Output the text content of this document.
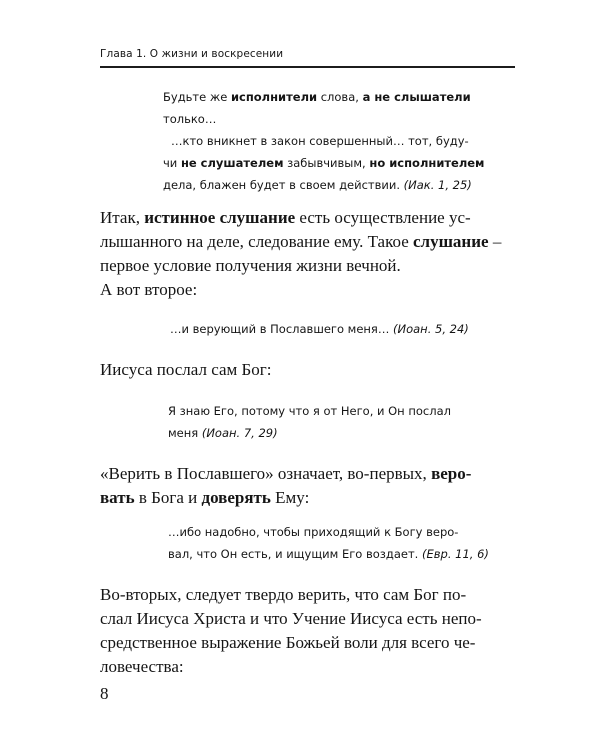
Глава 1. О жизни и воскресении
Будьте же исполнители слова, а не слышатели
только…
…кто вникнет в закон совершенный… тот, буду-
чи не слушателем забывчивым, но исполнителем
дела, блажен будет в своем действии. (Иак. 1, 25)
Итак, истинное слушание есть осуществление ус-
лышанного на деле, следование ему. Такое слушание –
первое условие получения жизни вечной.
А вот второе:
…и верующий в Пославшего меня… (Иоан. 5, 24)
Иисуса послал сам Бог:
Я знаю Его, потому что я от Него, и Он послал
меня (Иоан. 7, 29)
«Верить в Пославшего» означает, во-первых, веро-
вать в Бога и доверять Ему:
…ибо надобно, чтобы приходящий к Богу веро-
вал, что Он есть, и ищущим Его воздает. (Евр. 11, 6)
Во-вторых, следует твердо верить, что сам Бог по-
слал Иисуса Христа и что Учение Иисуса есть непо-
средственное выражение Божьей воли для всего че-
ловечества:
8
